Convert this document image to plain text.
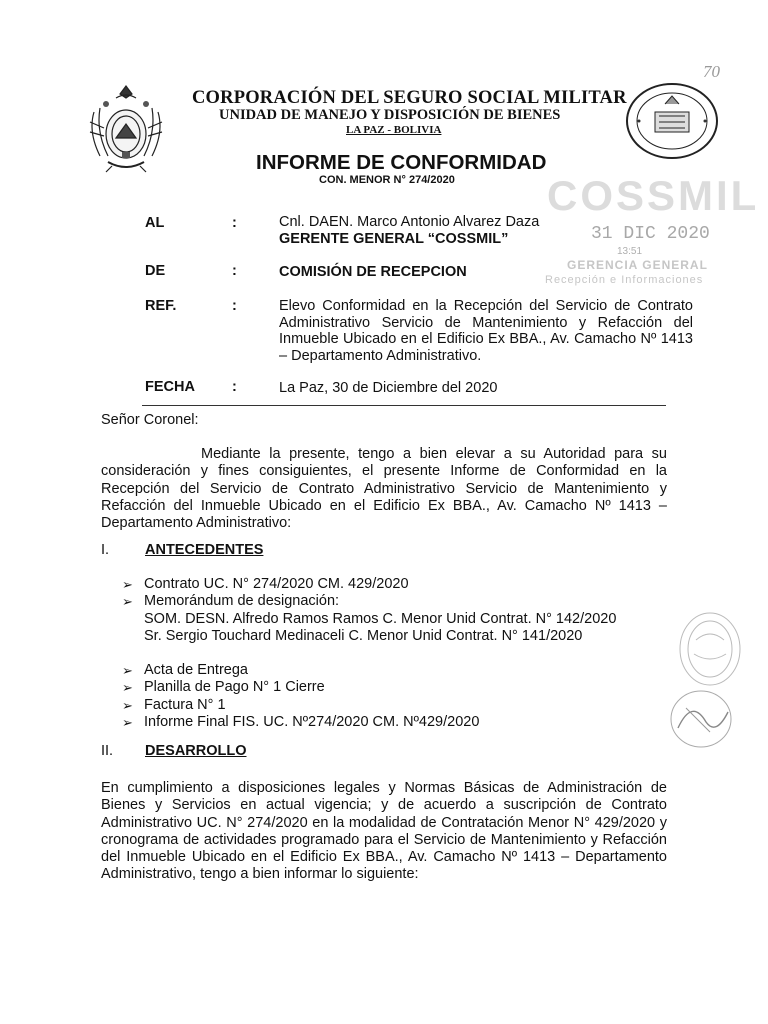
70
CORPORACIÓN DEL SEGURO SOCIAL MILITAR
UNIDAD DE MANEJO Y DISPOSICIÓN DE BIENES
LA PAZ - BOLIVIA
INFORME DE CONFORMIDAD
CON. MENOR N° 274/2020 COSSMIL
31 DIC 2020
13:51
GERENCIA GENERAL
Recepción e Informaciones
AL	:	Cnl. DAEN. Marco Antonio Alvarez Daza
GERENTE GENERAL “COSSMIL”
DE	:	COMISIÓN DE RECEPCION
REF.	:	Elevo Conformidad en la Recepción del Servicio de Contrato Administrativo Servicio de Mantenimiento y Refacción del Inmueble Ubicado en el Edificio Ex BBA., Av. Camacho Nº 1413 – Departamento Administrativo.
FECHA	:	La Paz, 30 de Diciembre del 2020
Señor Coronel:
Mediante la presente, tengo a bien elevar a su Autoridad para su consideración y fines consiguientes, el presente Informe de Conformidad en la Recepción del Servicio de Contrato Administrativo Servicio de Mantenimiento y Refacción del Inmueble Ubicado en el Edificio Ex BBA., Av. Camacho Nº 1413 – Departamento Administrativo:
I. ANTECEDENTES
➢ Contrato UC. N° 274/2020 CM. 429/2020
➢ Memorándum de designación:
SOM. DESN. Alfredo Ramos Ramos C. Menor Unid Contrat. N° 142/2020
Sr. Sergio Touchard Medinaceli C. Menor Unid Contrat. N° 141/2020
➢ Acta de Entrega
➢ Planilla de Pago N° 1 Cierre
➢ Factura N° 1
➢ Informe Final FIS. UC. Nº274/2020 CM. Nº429/2020
II. DESARROLLO
En cumplimiento a disposiciones legales y Normas Básicas de Administración de Bienes y Servicios en actual vigencia; y de acuerdo a suscripción de Contrato Administrativo UC. N° 274/2020 en la modalidad de Contratación Menor N° 429/2020 y cronograma de actividades programado para el Servicio de Mantenimiento y Refacción del Inmueble Ubicado en el Edificio Ex BBA., Av. Camacho Nº 1413 – Departamento Administrativo, tengo a bien informar lo siguiente:
